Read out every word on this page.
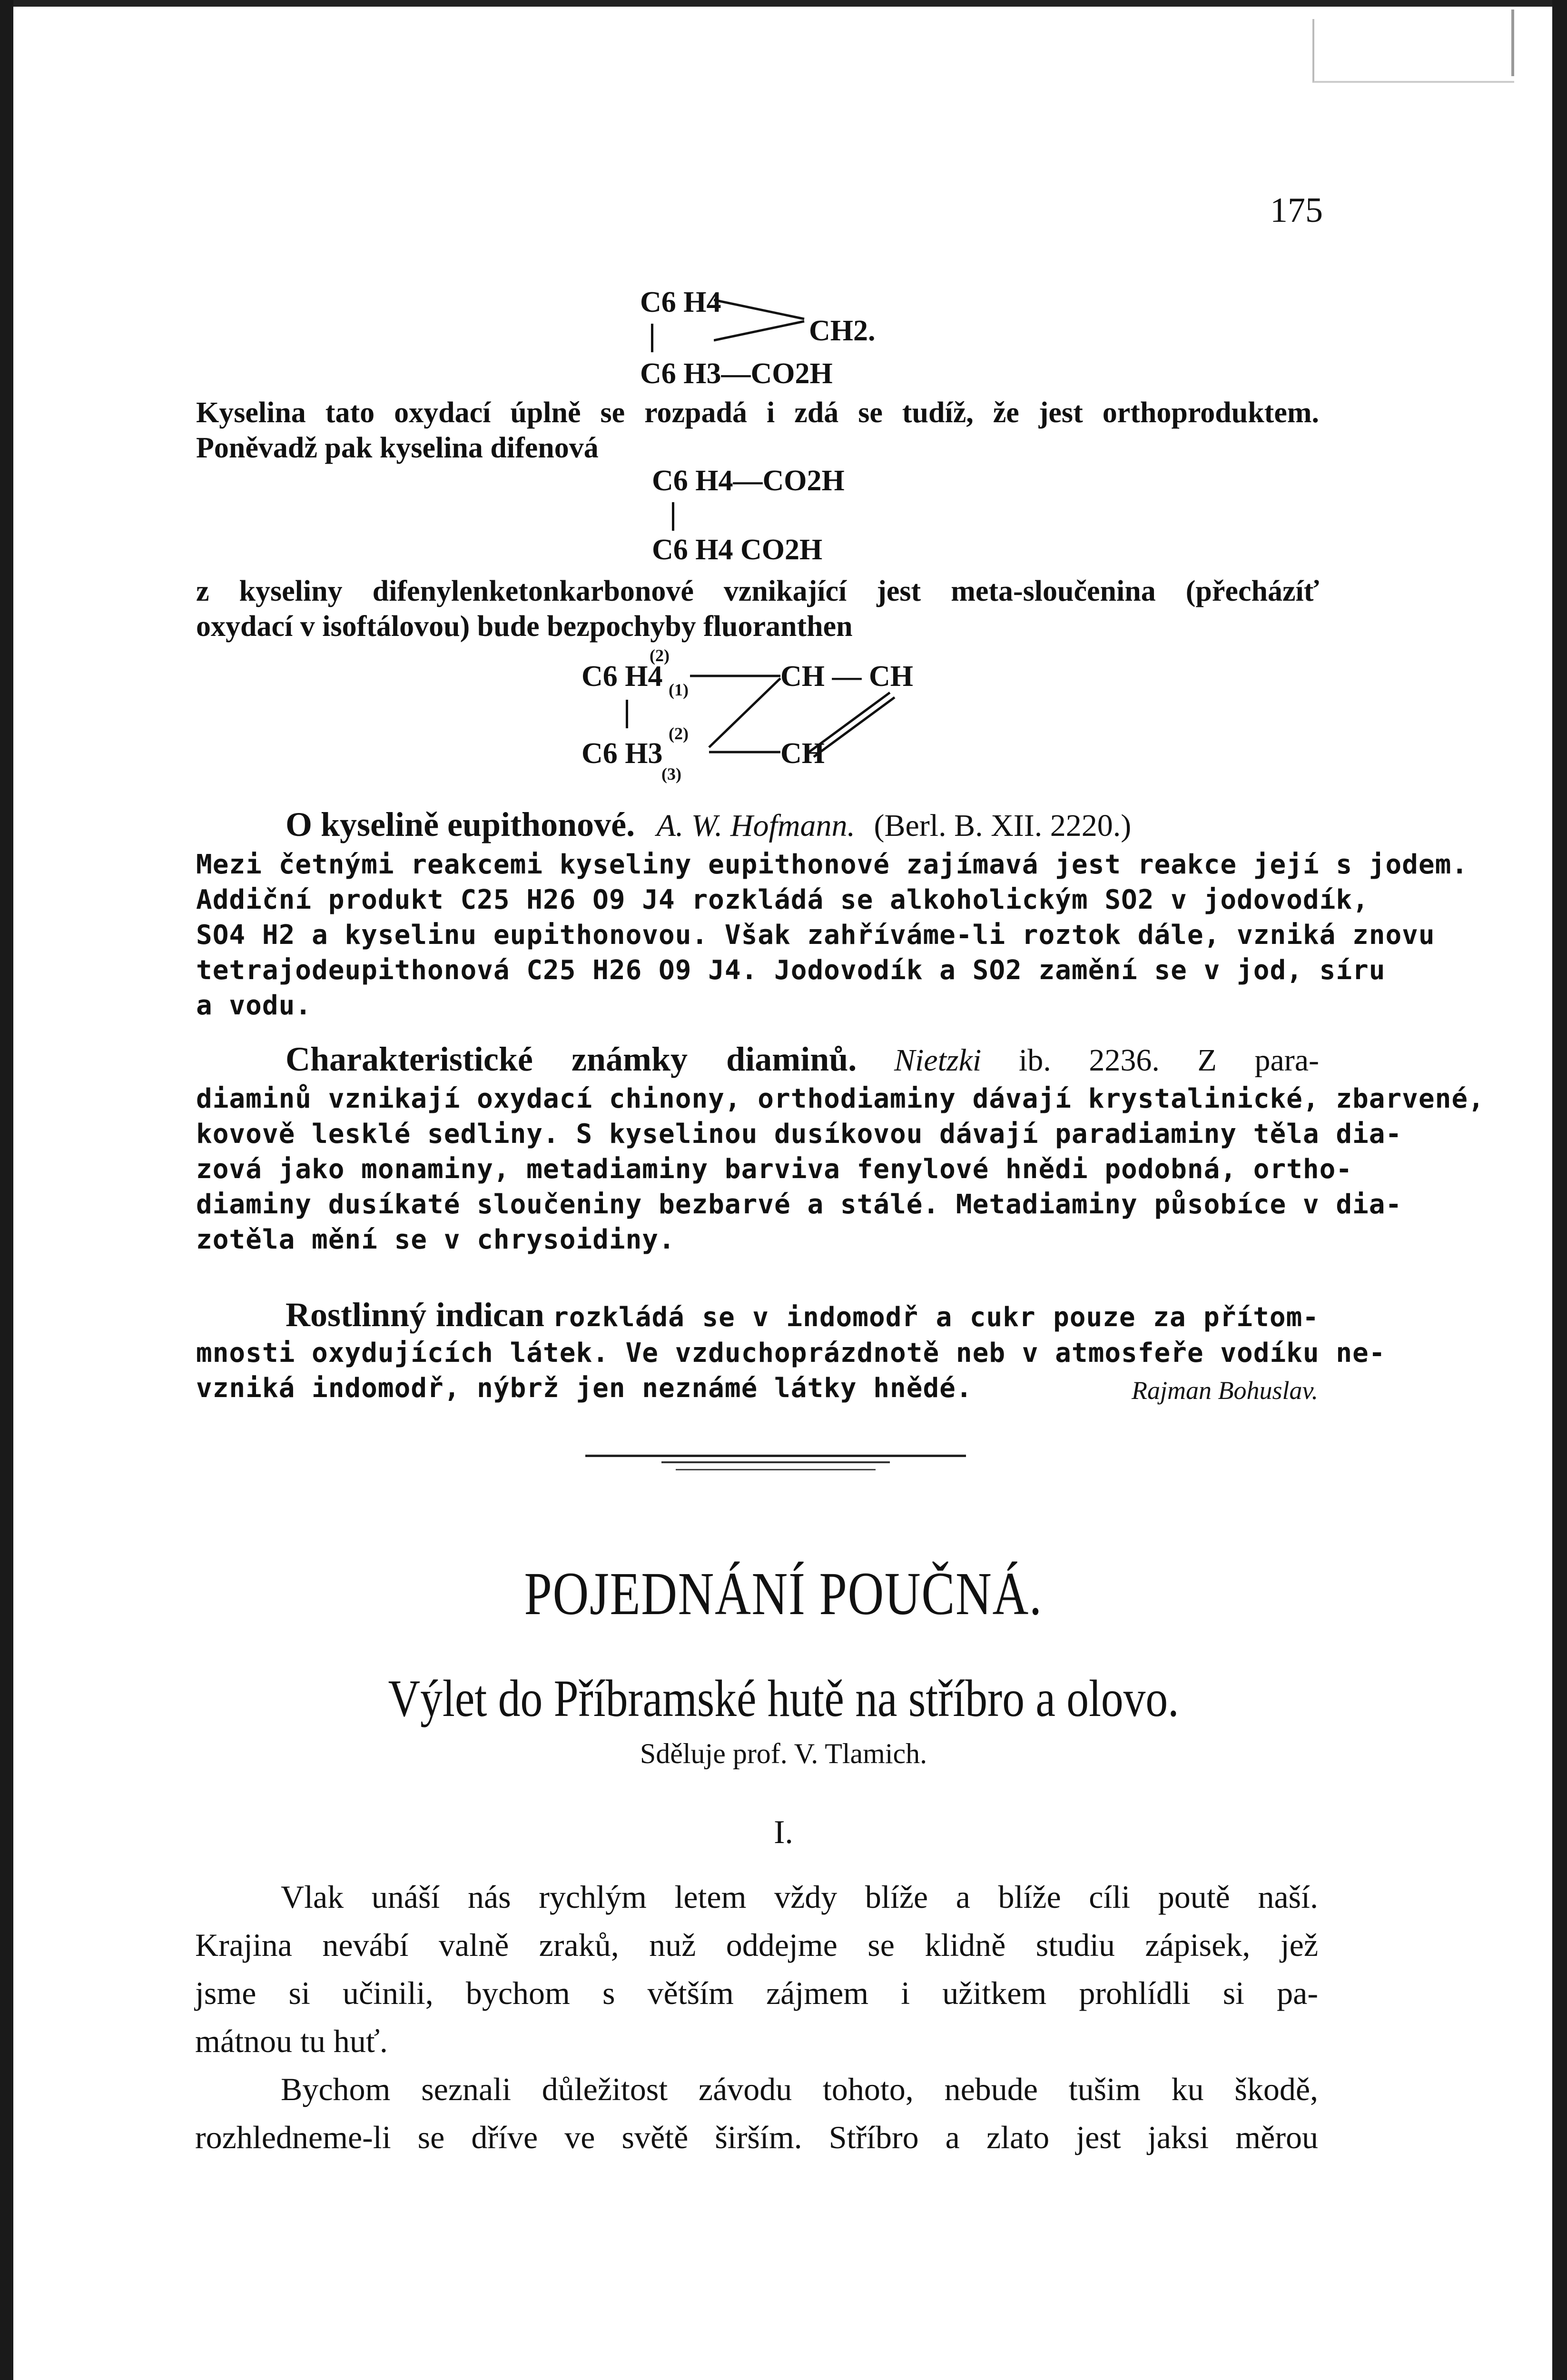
175
C6 H4
CH2.
C6 H3—CO2H
Kyselina tato oxydací úplně se rozpadá i zdá se tudíž, že jest orthoproduktem.
Poněvadž pak kyselina difenová
C6 H4—CO2H
C6 H4 CO2H
z kyseliny difenylenketonkarbonové vznikající jest meta-sloučenina (přecházíť
oxydací v isoftálovou) bude bezpochyby fluoranthen
C6 H4
(2)
(1)	CH — CH
C6 H3
(2)
(3)
CH
O kyselině eupithonové. A. W. Hofmann. (Berl. B. XII. 2220.)
Mezi četnými reakcemi kyseliny eupithonové zajímavá jest reakce její s jodem.
Addiční produkt C25 H26 O9 J4 rozkládá se alkoholickým SO2 v jodovodík,
SO4 H2 a kyselinu eupithonovou. Však zahříváme-li roztok dále, vzniká znovu
tetrajodeupithonová C25 H26 O9 J4. Jodovodík a SO2 zamění se v jod, síru
a vodu.
Charakteristické známky diaminů. Nietzki ib. 2236. Z para-
diaminů vznikají oxydací chinony, orthodiaminy dávají krystalinické, zbarvené,
kovově lesklé sedliny. S kyselinou dusíkovou dávají paradiaminy těla dia-
zová jako monaminy, metadiaminy barviva fenylové hnědi podobná, ortho-
diaminy dusíkaté sloučeniny bezbarvé a stálé. Metadiaminy působíce v dia-
zotěla mění se v chrysoidiny.
Rostlinný indican rozkládá se v indomodř a cukr pouze za přítom-
mnosti oxydujících látek. Ve vzduchoprázdnotě neb v atmosfeře vodíku ne-
vzniká indomodř, nýbrž jen neznámé látky hnědé.	Rajman Bohuslav.
POJEDNÁNÍ POUČNÁ.
Výlet do Příbramské hutě na stříbro a olovo.
Sděluje prof. V. Tlamich.
I.
Vlak unáší nás rychlým letem vždy blíže a blíže cíli poutě naší.
Krajina nevábí valně zraků, nuž oddejme se klidně studiu zápisek, jež
jsme si učinili, bychom s větším zájmem i užitkem prohlídli si pa-
mátnou tu huť.
Bychom seznali důležitost závodu tohoto, nebude tušim ku škodě,
rozhledneme-li se dříve ve světě širším. Stříbro a zlato jest jaksi měrou
